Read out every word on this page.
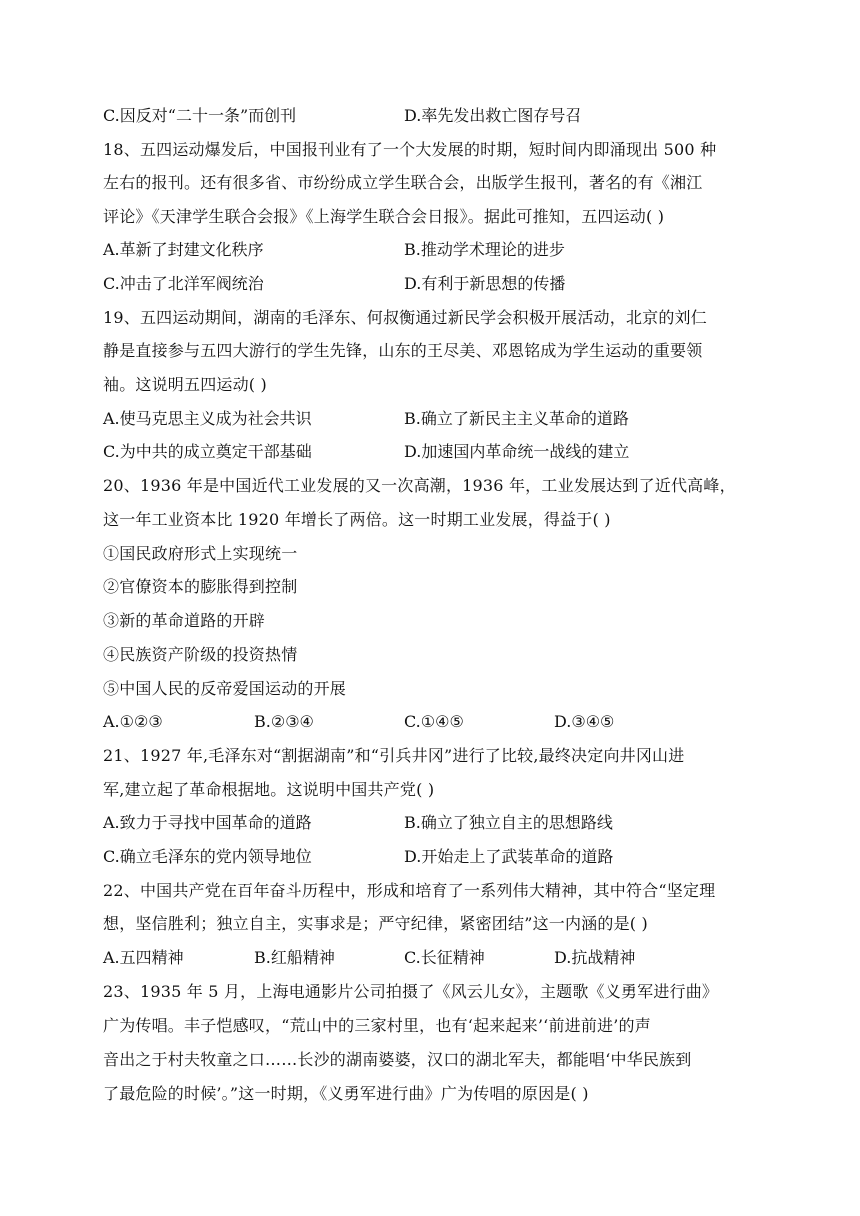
C.因反对“二十一条”而创刊	D.率先发出救亡图存号召
18、五四运动爆发后，中国报刊业有了一个大发展的时期，短时间内即涌现出 500 种
左右的报刊。还有很多省、市纷纷成立学生联合会，出版学生报刊，著名的有《湘江
评论》《天津学生联合会报》《上海学生联合会日报》。据此可推知，五四运动( )
A.革新了封建文化秩序	B.推动学术理论的进步
C.冲击了北洋军阀统治	D.有利于新思想的传播
19、五四运动期间，湖南的毛泽东、何叔衡通过新民学会积极开展活动，北京的刘仁
静是直接参与五四大游行的学生先锋，山东的王尽美、邓恩铭成为学生运动的重要领
袖。这说明五四运动( )
A.使马克思主义成为社会共识	B.确立了新民主主义革命的道路
C.为中共的成立奠定干部基础	D.加速国内革命统一战线的建立
20、1936 年是中国近代工业发展的又一次高潮，1936 年，工业发展达到了近代高峰，
这一年工业资本比 1920 年增长了两倍。这一时期工业发展，得益于( )
①国民政府形式上实现统一
②官僚资本的膨胀得到控制
③新的革命道路的开辟
④民族资产阶级的投资热情
⑤中国人民的反帝爱国运动的开展
A.①②③	B.②③④	C.①④⑤	D.③④⑤
21、1927 年,毛泽东对“割据湖南”和“引兵井冈”进行了比较,最终决定向井冈山进
军,建立起了革命根据地。这说明中国共产党( )
A.致力于寻找中国革命的道路	B.确立了独立自主的思想路线
C.确立毛泽东的党内领导地位	D.开始走上了武装革命的道路
22、中国共产党在百年奋斗历程中，形成和培育了一系列伟大精神，其中符合“坚定理
想，坚信胜利；独立自主，实事求是；严守纪律，紧密团结”这一内涵的是( )
A.五四精神	B.红船精神	C.长征精神	D.抗战精神
23、1935 年 5 月，上海电通影片公司拍摄了《风云儿女》，主题歌《义勇军进行曲》
广为传唱。丰子恺感叹，“荒山中的三家村里，也有‘起来起来’‘前进前进’的声
音出之于村夫牧童之口……长沙的湖南婆婆，汉口的湖北军夫，都能唱‘中华民族到
了最危险的时候’。”这一时期，《义勇军进行曲》广为传唱的原因是( )
